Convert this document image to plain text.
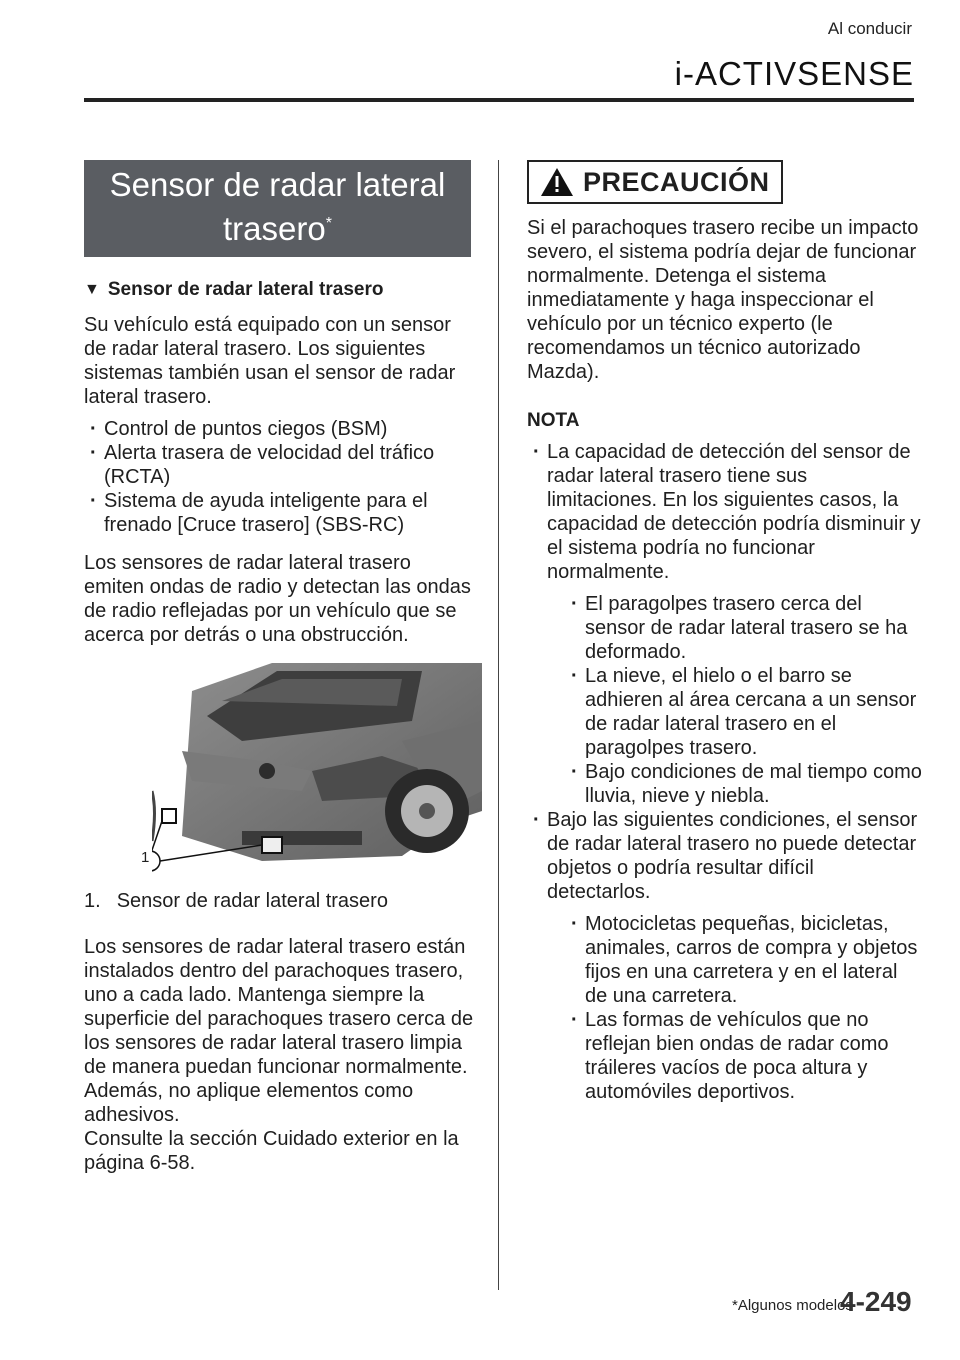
Al conducir
i-ACTIVSENSE
Sensor de radar lateral
trasero*
▼ Sensor de radar lateral trasero

Su vehículo está equipado con un sensor de radar lateral trasero. Los siguientes sistemas también usan el sensor de radar lateral trasero.

· Control de puntos ciegos (BSM)
· Alerta trasera de velocidad del tráfico (RCTA)
· Sistema de ayuda inteligente para el frenado [Cruce trasero] (SBS-RC)

Los sensores de radar lateral trasero emiten ondas de radio y detectan las ondas de radio reflejadas por un vehículo que se acerca por detrás o una obstrucción.

1
1. Sensor de radar lateral trasero

Los sensores de radar lateral trasero están instalados dentro del parachoques trasero, uno a cada lado. Mantenga siempre la superficie del parachoques trasero cerca de los sensores de radar lateral trasero limpia de manera puedan funcionar normalmente. Además, no aplique elementos como adhesivos.

Consulte la sección Cuidado exterior en la página 6-58.

PRECAUCIÓN

Si el parachoques trasero recibe un impacto severo, el sistema podría dejar de funcionar normalmente. Detenga el sistema inmediatamente y haga inspeccionar el vehículo por un técnico experto (le recomendamos un técnico autorizado Mazda).

NOTA
· La capacidad de detección del sensor de radar lateral trasero tiene sus limitaciones. En los siguientes casos, la capacidad de detección podría disminuir y el sistema podría no funcionar normalmente.
· El paragolpes trasero cerca del sensor de radar lateral trasero se ha deformado.
· La nieve, el hielo o el barro se adhieren al área cercana a un sensor de radar lateral trasero en el paragolpes trasero.
· Bajo condiciones de mal tiempo como lluvia, nieve y niebla.
· Bajo las siguientes condiciones, el sensor de radar lateral trasero no puede detectar objetos o podría resultar difícil detectarlos.
· Motocicletas pequeñas, bicicletas, animales, carros de compra y objetos fijos en una carretera y en el lateral de una carretera.
· Las formas de vehículos que no reflejan bien ondas de radar como tráileres vacíos de poca altura y automóviles deportivos.
*Algunos modelos
4-249
